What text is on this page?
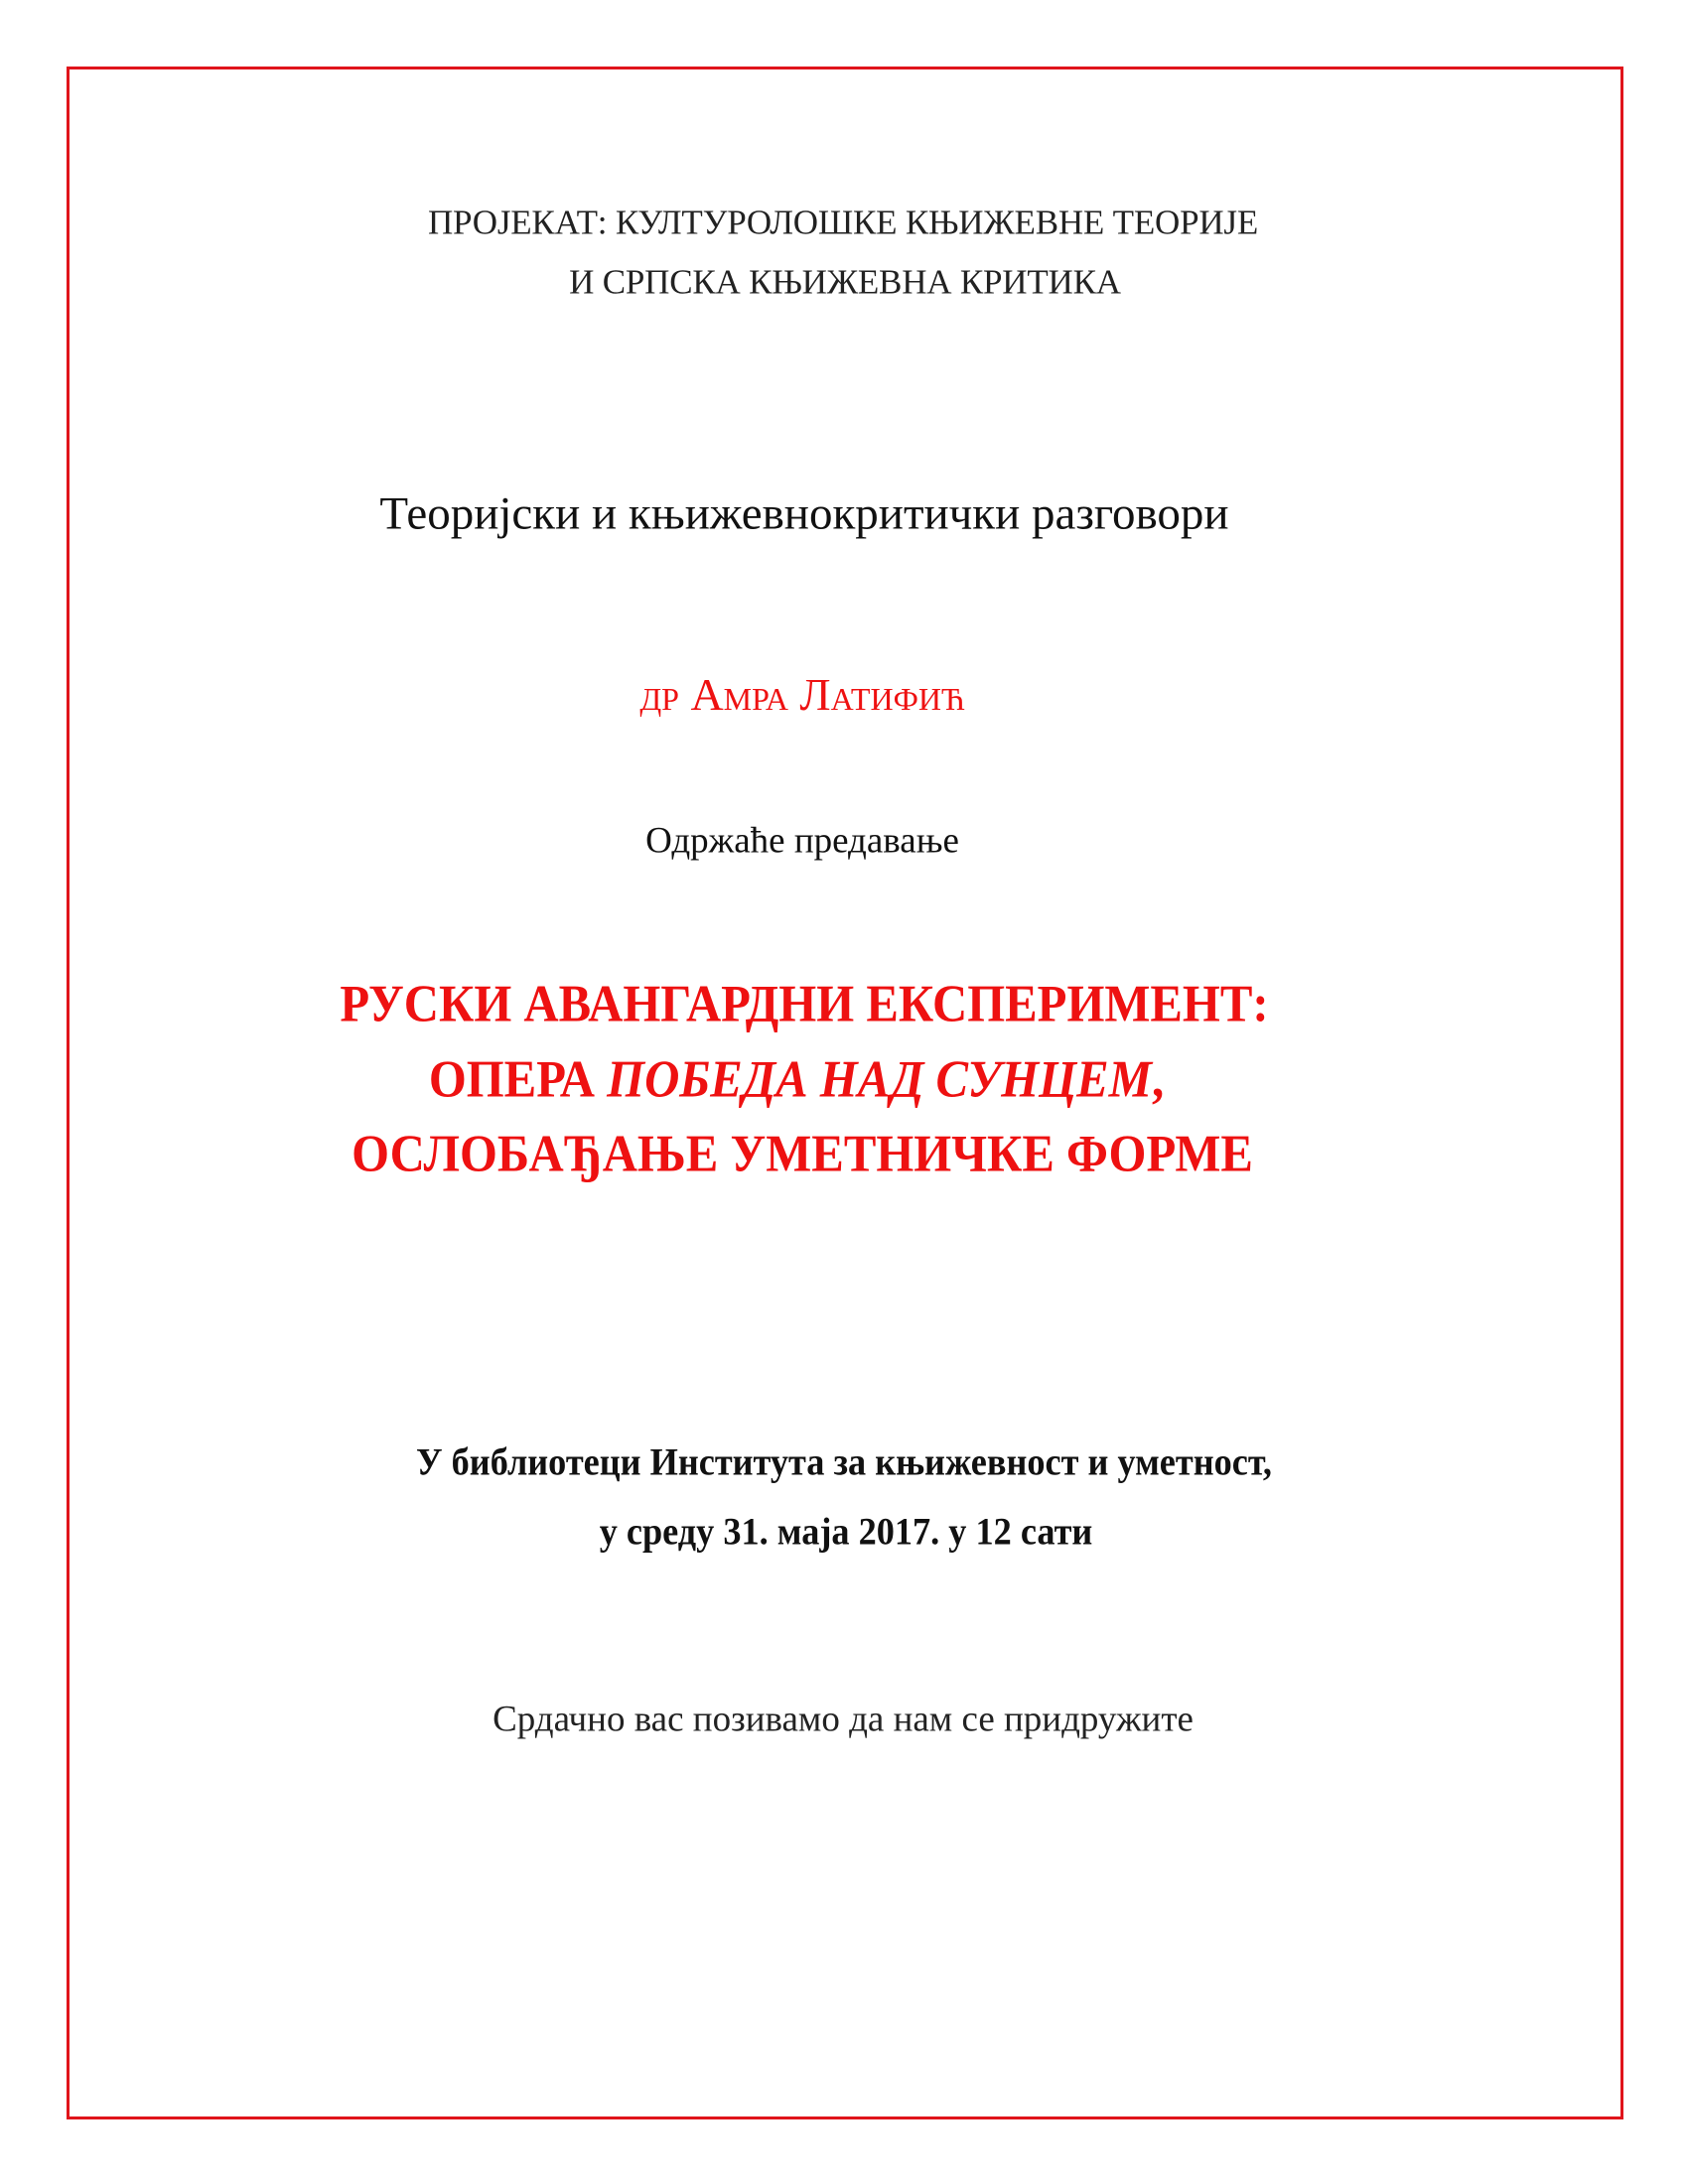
ПРОЈЕКАТ: КУЛТУРОЛОШКЕ КЊИЖЕВНЕ ТЕОРИЈЕ
И СРПСКА КЊИЖЕВНА КРИТИКА
Теоријски и књижевнокритички разговори
др Амра Латифић
Одржаће предавање
РУСКИ АВАНГАРДНИ ЕКСПЕРИМЕНТ:
ОПЕРА ПОБЕДА НАД СУНЦЕМ,
ОСЛОБАЂАЊЕ УМЕТНИЧКЕ ФОРМЕ
У библиотеци Института за књижевност и уметност,
у среду 31. маја 2017. у 12 сати
Срдачно вас позивамо да нам се придружите
